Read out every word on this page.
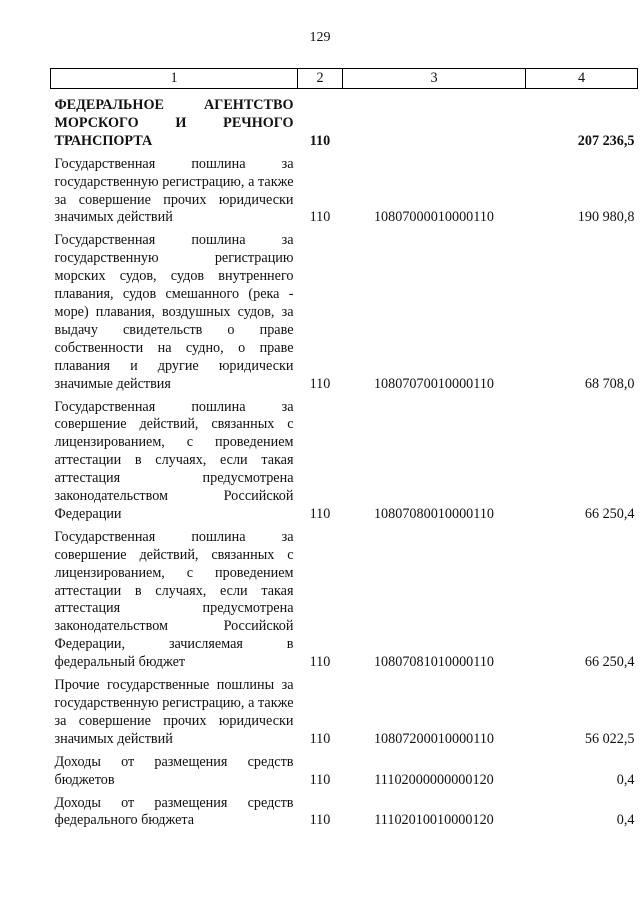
129
1	2	3	4
ФЕДЕРАЛЬНОЕ АГЕНТСТВО МОРСКОГО И РЕЧНОГО ТРАНСПОРТА	110		207 236,5
Государственная пошлина за государственную регистрацию, а также за совершение прочих юридически значимых действий	110	10807000010000110	190 980,8
Государственная пошлина за государственную регистрацию морских судов, судов внутреннего плавания, судов смешанного (река - море) плавания, воздушных судов, за выдачу свидетельств о праве собственности на судно, о праве плавания и другие юридически значимые действия	110	10807070010000110	68 708,0
Государственная пошлина за совершение действий, связанных с лицензированием, с проведением аттестации в случаях, если такая аттестация предусмотрена законодательством Российской Федерации	110	10807080010000110	66 250,4
Государственная пошлина за совершение действий, связанных с лицензированием, с проведением аттестации в случаях, если такая аттестация предусмотрена законодательством Российской Федерации, зачисляемая в федеральный бюджет	110	10807081010000110	66 250,4
Прочие государственные пошлины за государственную регистрацию, а также за совершение прочих юридически значимых действий	110	10807200010000110	56 022,5
Доходы от размещения средств бюджетов	110	11102000000000120	0,4
Доходы от размещения средств федерального бюджета	110	11102010010000120	0,4
